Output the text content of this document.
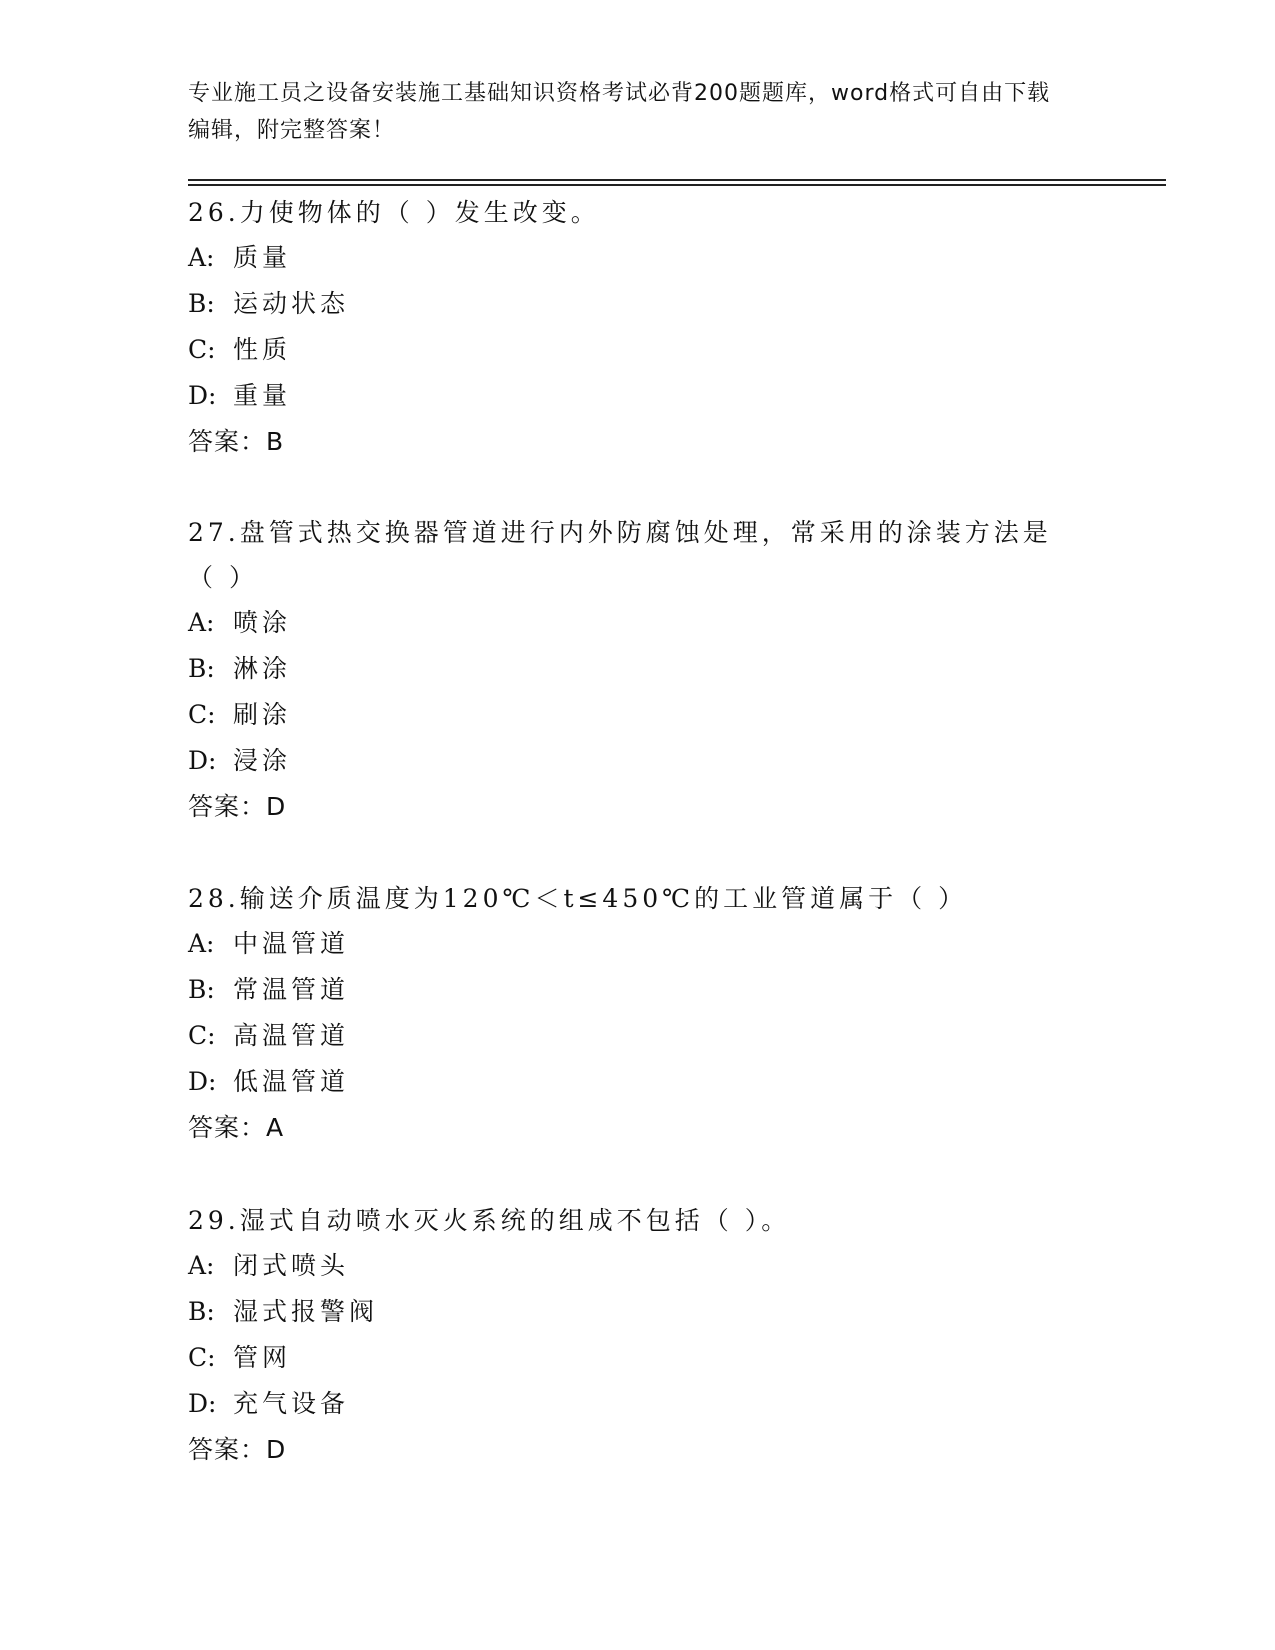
专业施工员之设备安装施工基础知识资格考试必背200题题库，word格式可自由下载编辑，附完整答案！

26.力使物体的（ ）发生改变。

A: 质量

B: 运动状态

C: 性质

D: 重量

答案：B

27.盘管式热交换器管道进行内外防腐蚀处理，常采用的涂装方法是（ ）

A: 喷涂

B: 淋涂

C: 刷涂

D: 浸涂

答案：D

28.输送介质温度为120℃＜t≤450℃的工业管道属于（ ）

A: 中温管道

B: 常温管道

C: 高温管道

D: 低温管道

答案：A

29.湿式自动喷水灭火系统的组成不包括（ ）。

A: 闭式喷头

B: 湿式报警阀

C: 管网

D: 充气设备

答案：D
